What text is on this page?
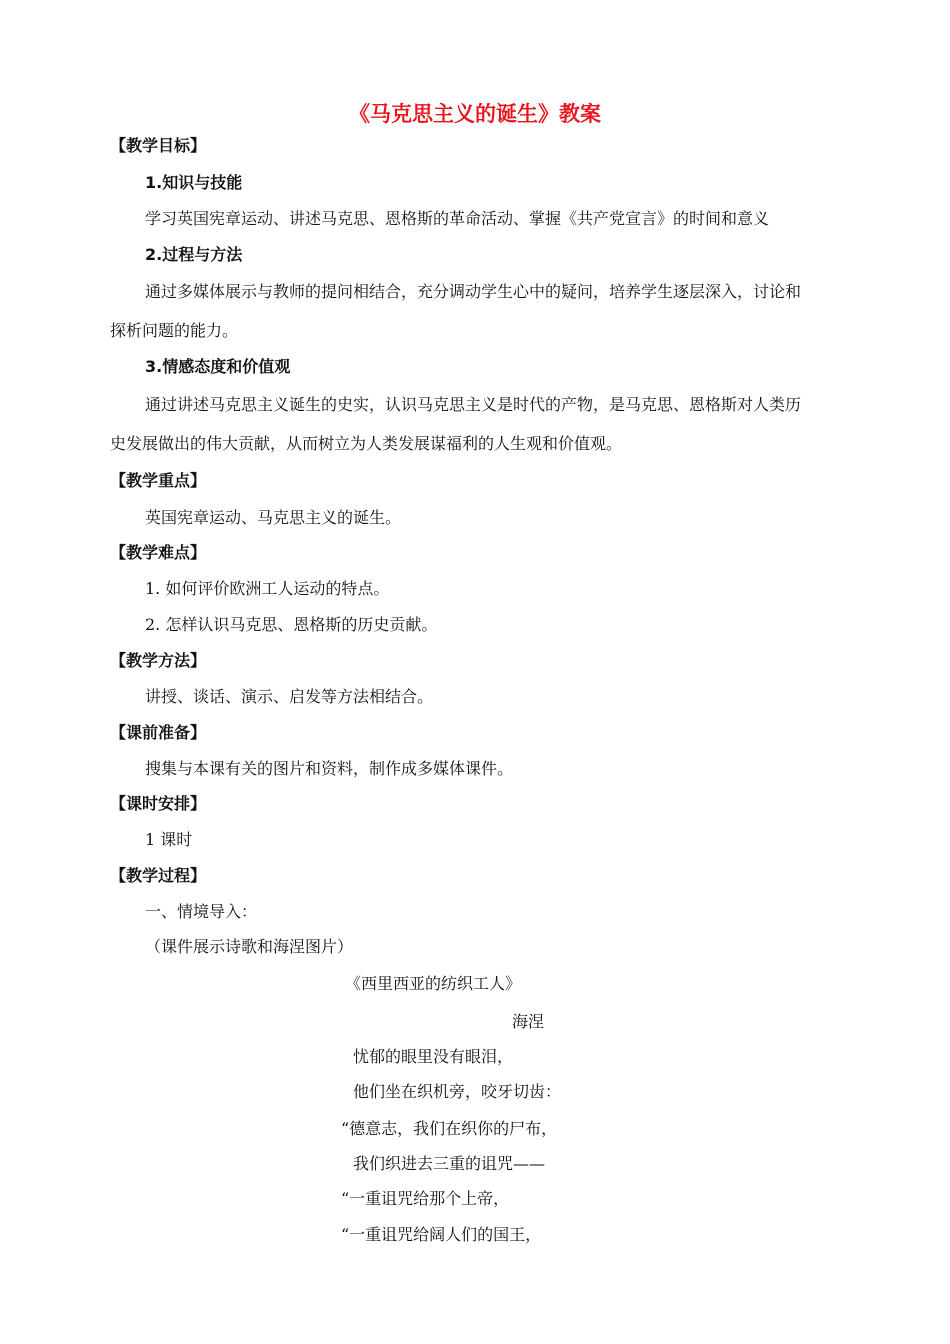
《马克思主义的诞生》教案
【教学目标】
1.知识与技能
学习英国宪章运动、讲述马克思、恩格斯的革命活动、掌握《共产党宣言》的时间和意义
2.过程与方法
通过多媒体展示与教师的提问相结合，充分调动学生心中的疑问，培养学生逐层深入，讨论和
探析问题的能力。
3.情感态度和价值观
通过讲述马克思主义诞生的史实，认识马克思主义是时代的产物，是马克思、恩格斯对人类历
史发展做出的伟大贡献，从而树立为人类发展谋福利的人生观和价值观。
【教学重点】
英国宪章运动、马克思主义的诞生。
【教学难点】
1. 如何评价欧洲工人运动的特点。
2. 怎样认识马克思、恩格斯的历史贡献。
【教学方法】
讲授、谈话、演示、启发等方法相结合。
【课前准备】
搜集与本课有关的图片和资料，制作成多媒体课件。
【课时安排】
1 课时
【教学过程】
一、情境导入：
（课件展示诗歌和海涅图片）
《西里西亚的纺织工人》
海涅
忧郁的眼里没有眼泪，
他们坐在织机旁，咬牙切齿：
“德意志，我们在织你的尸布，
我们织进去三重的诅咒——
“一重诅咒给那个上帝，
“一重诅咒给阔人们的国王，
